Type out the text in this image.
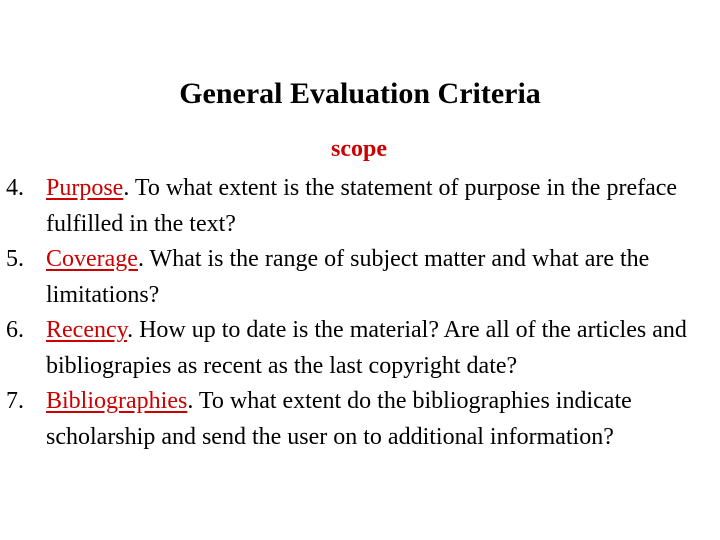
General Evaluation Criteria
scope
4. Purpose. To what extent is the statement of purpose in the preface fulfilled in the text?
5. Coverage. What is the range of subject matter and what are the limitations?
6. Recency. How up to date is the material? Are all of the articles and bibliograpies as recent as the last copyright date?
7. Bibliographies. To what extent do the bibliographies indicate scholarship and send the user on to additional information?
